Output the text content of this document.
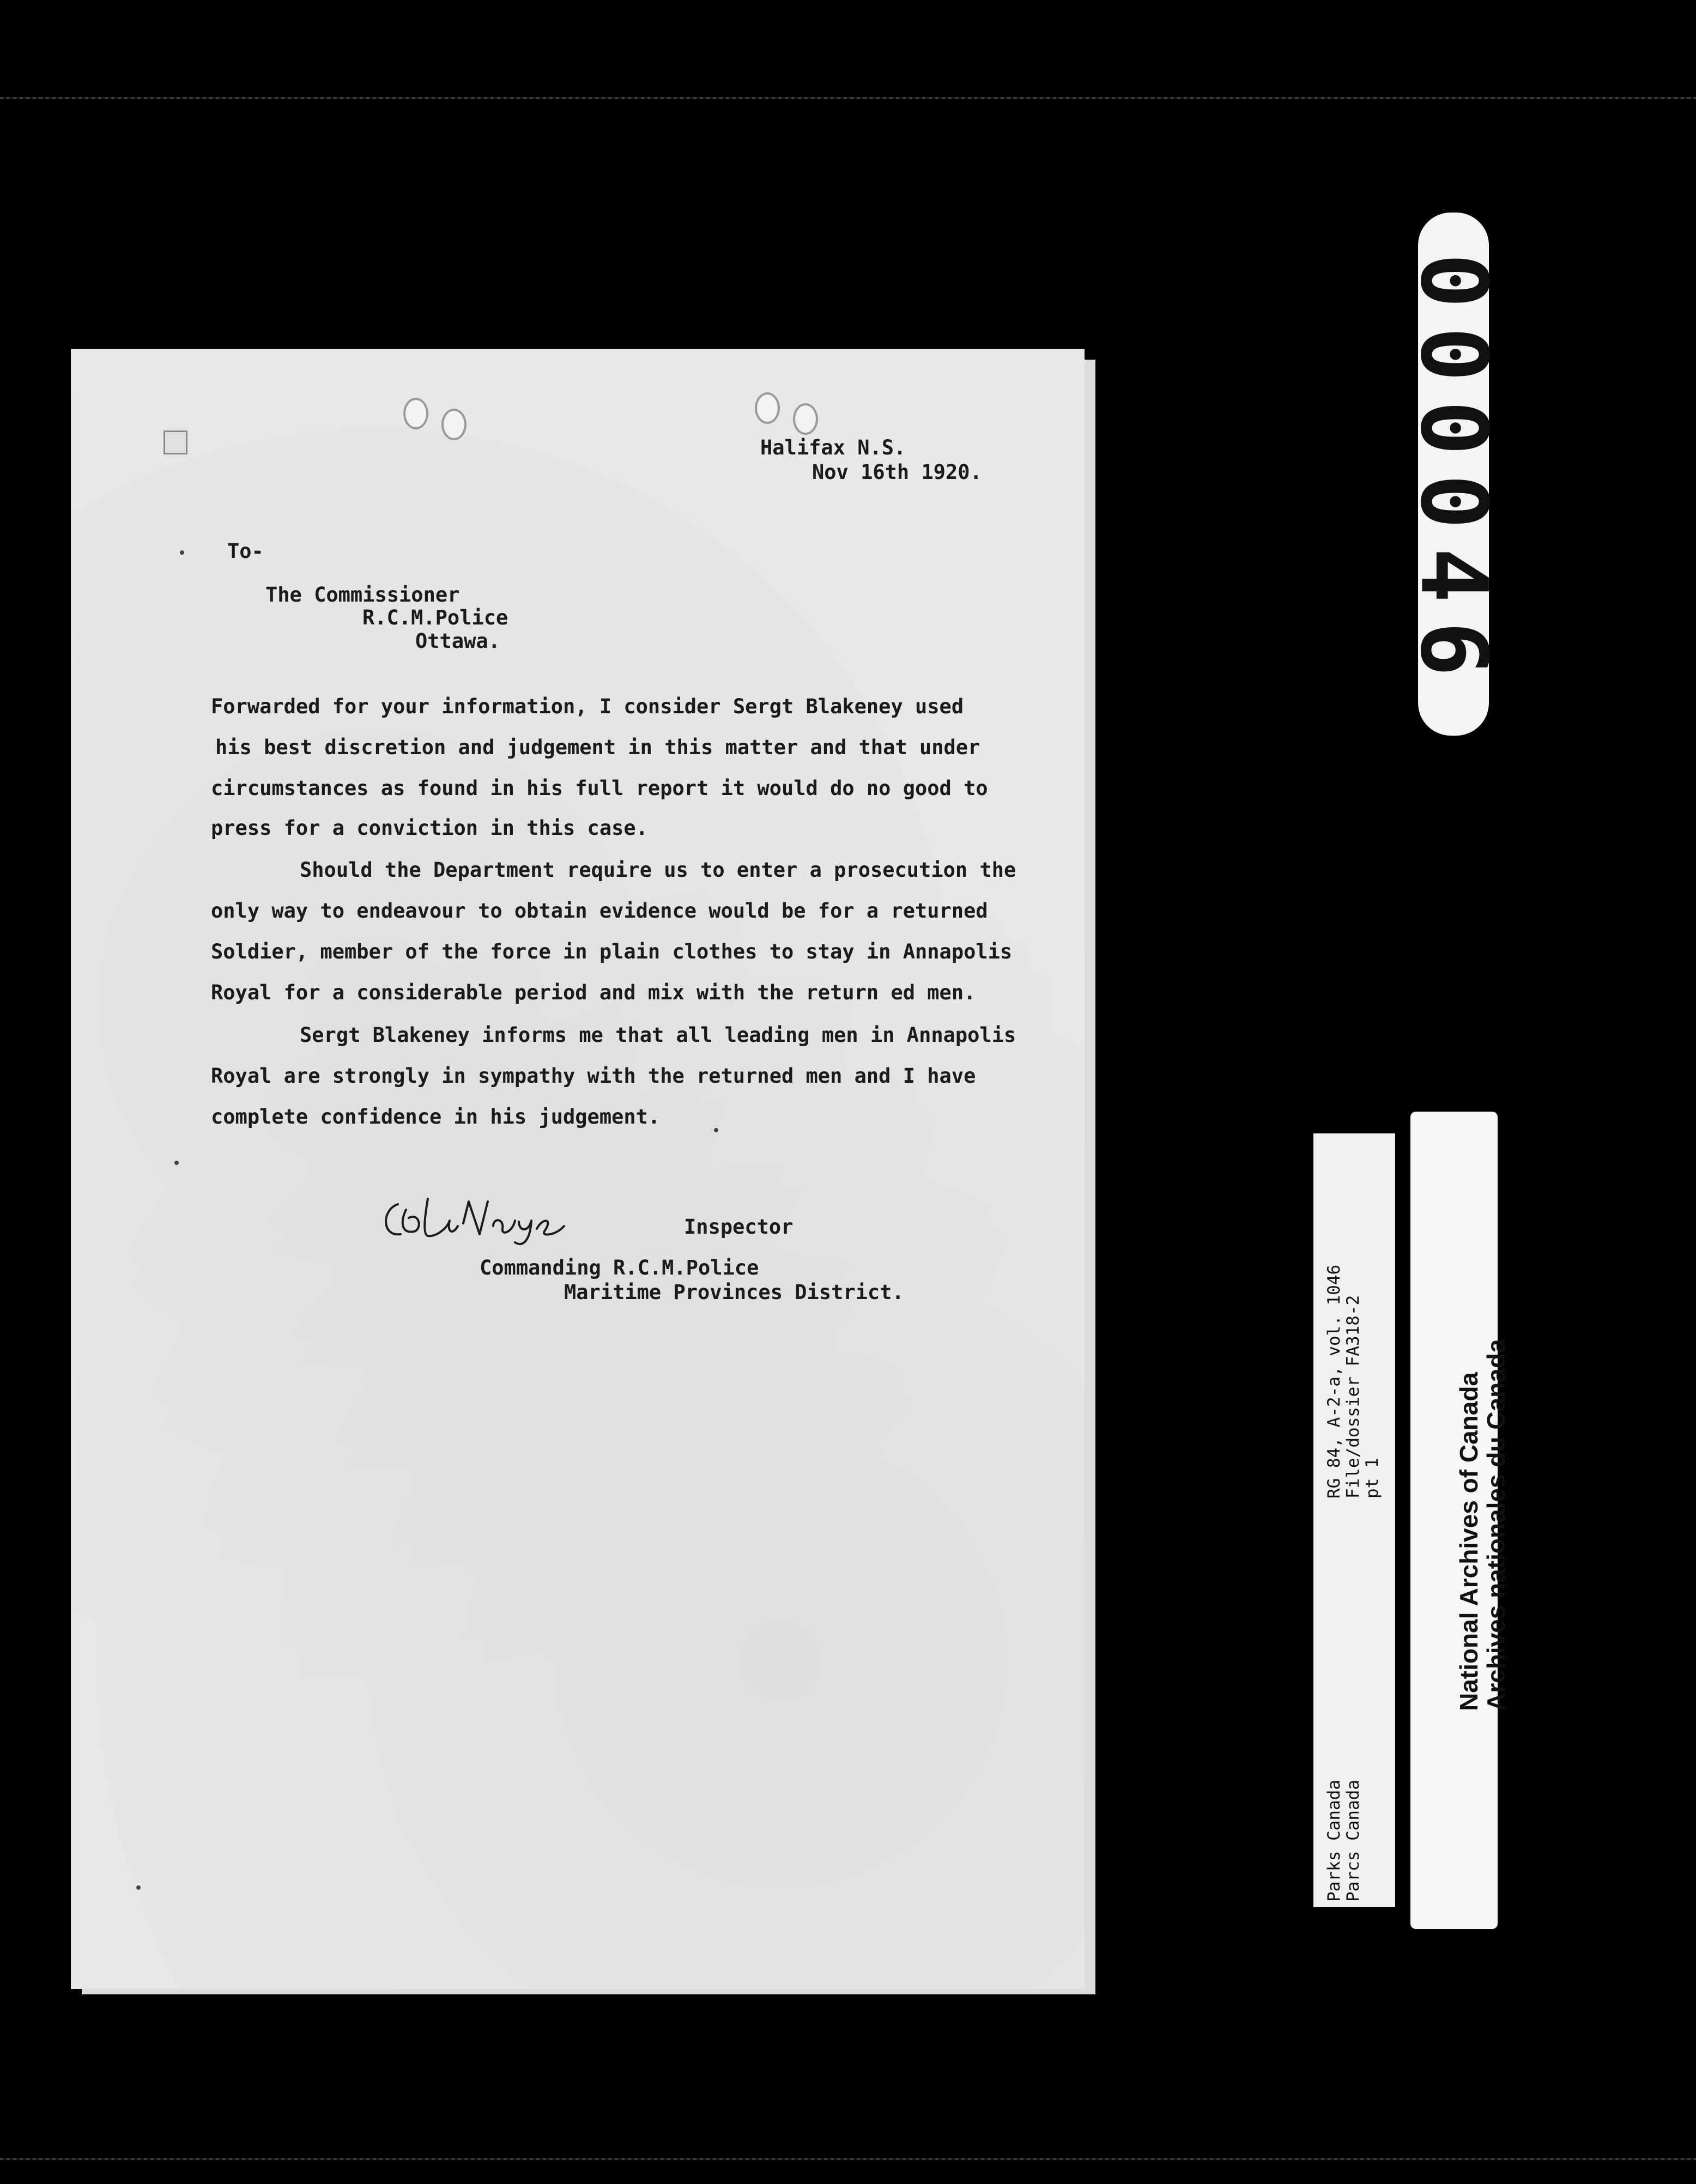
Halifax N.S.
Nov 16th 1920.
To-
The Commissioner
R.C.M.Police
Ottawa.
Forwarded for your information, I consider Sergt Blakeney used
his best discretion and judgement in this matter and that under
circumstances as found in his full report it would do no good to
press for a conviction in this case.
Should the Department require us to enter a prosecution the
only way to endeavour to obtain evidence would be for a returned
Soldier, member of the force in plain clothes to stay in Annapolis
Royal for a considerable period and mix with the return ed men.
Sergt Blakeney informs me that all leading men in Annapolis
Royal are strongly in sympathy with the returned men and I have
complete confidence in his judgement.
Inspector
Commanding R.C.M.Police
Maritime Provinces District.
000046
RG 84, A-2-a, vol. 1046 File/dossier FA318-2 pt 1
Parks Canada Parcs Canada
National Archives of Canada
Archives nationales du Canada
